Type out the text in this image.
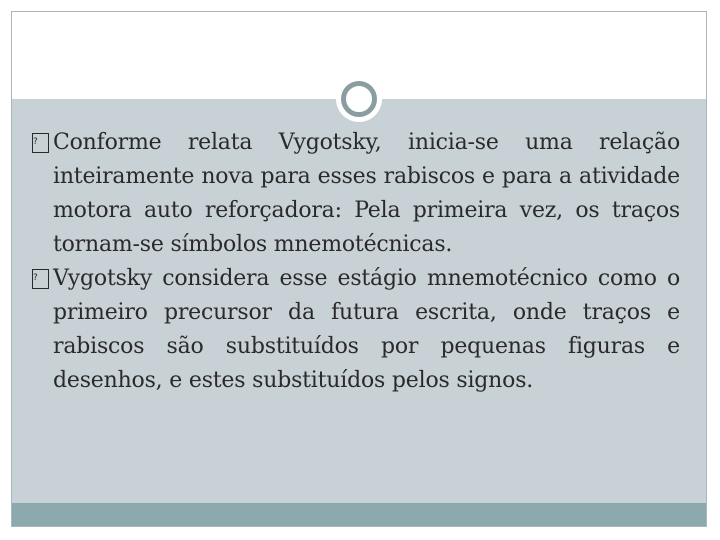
? Conforme relata Vygotsky, inicia-se uma relação inteiramente nova para esses rabiscos e para a atividade motora auto reforçadora: Pela primeira vez, os traços tornam-se símbolos mnemotécnicas.
? Vygotsky considera esse estágio mnemotécnico como o primeiro precursor da futura escrita, onde traços e rabiscos são substituídos por pequenas figuras e desenhos, e estes substituídos pelos signos.
